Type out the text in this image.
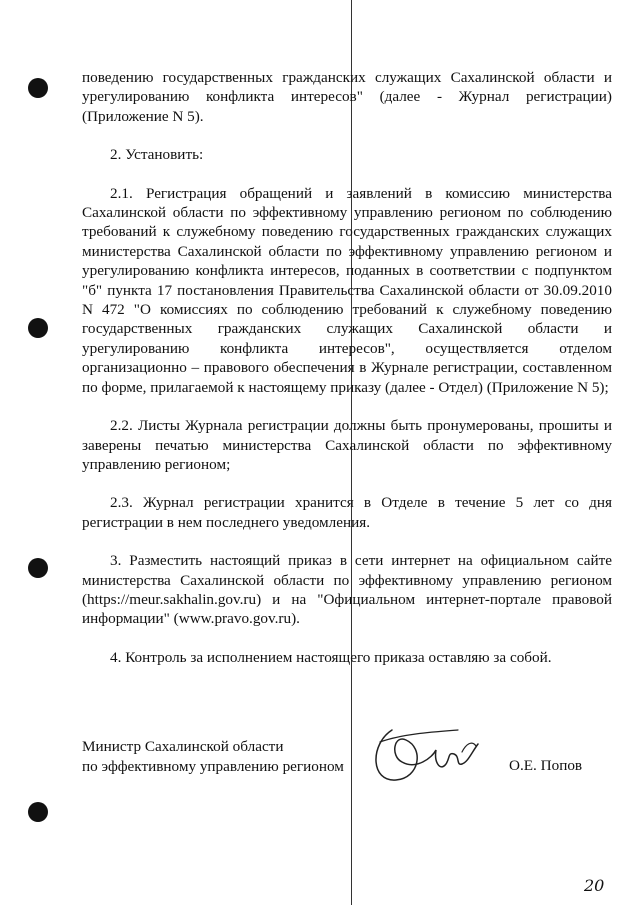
поведению государственных гражданских служащих Сахалинской области и урегулированию конфликта интересов" (далее - Журнал регистрации) (Приложение N 5).

2. Установить:

2.1. Регистрация обращений и заявлений в комиссию министерства Сахалинской области по эффективному управлению регионом по соблюдению требований к служебному поведению государственных гражданских служащих министерства Сахалинской области по эффективному управлению регионом и урегулированию конфликта интересов, поданных в соответствии с подпунктом "б" пункта 17 постановления Правительства Сахалинской области от 30.09.2010 N 472 "О комиссиях по соблюдению требований к служебному поведению государственных гражданских служащих Сахалинской области и урегулированию конфликта интересов", осуществляется отделом организационно – правового обеспечения в Журнале регистрации, составленном по форме, прилагаемой к настоящему приказу (далее - Отдел) (Приложение N 5);

2.2. Листы Журнала регистрации должны быть пронумерованы, прошиты и заверены печатью министерства Сахалинской области по эффективному управлению регионом;

2.3. Журнал регистрации хранится в Отделе в течение 5 лет со дня регистрации в нем последнего уведомления.

3. Разместить настоящий приказ в сети интернет на официальном сайте министерства Сахалинской области по эффективному управлению регионом (https://meur.sakhalin.gov.ru) и на "Официальном интернет-портале правовой информации" (www.pravo.gov.ru).

4. Контроль за исполнением настоящего приказа оставляю за собой.

Министр Сахалинской области
по эффективному управлению регионом	О.Е. Попов
20
